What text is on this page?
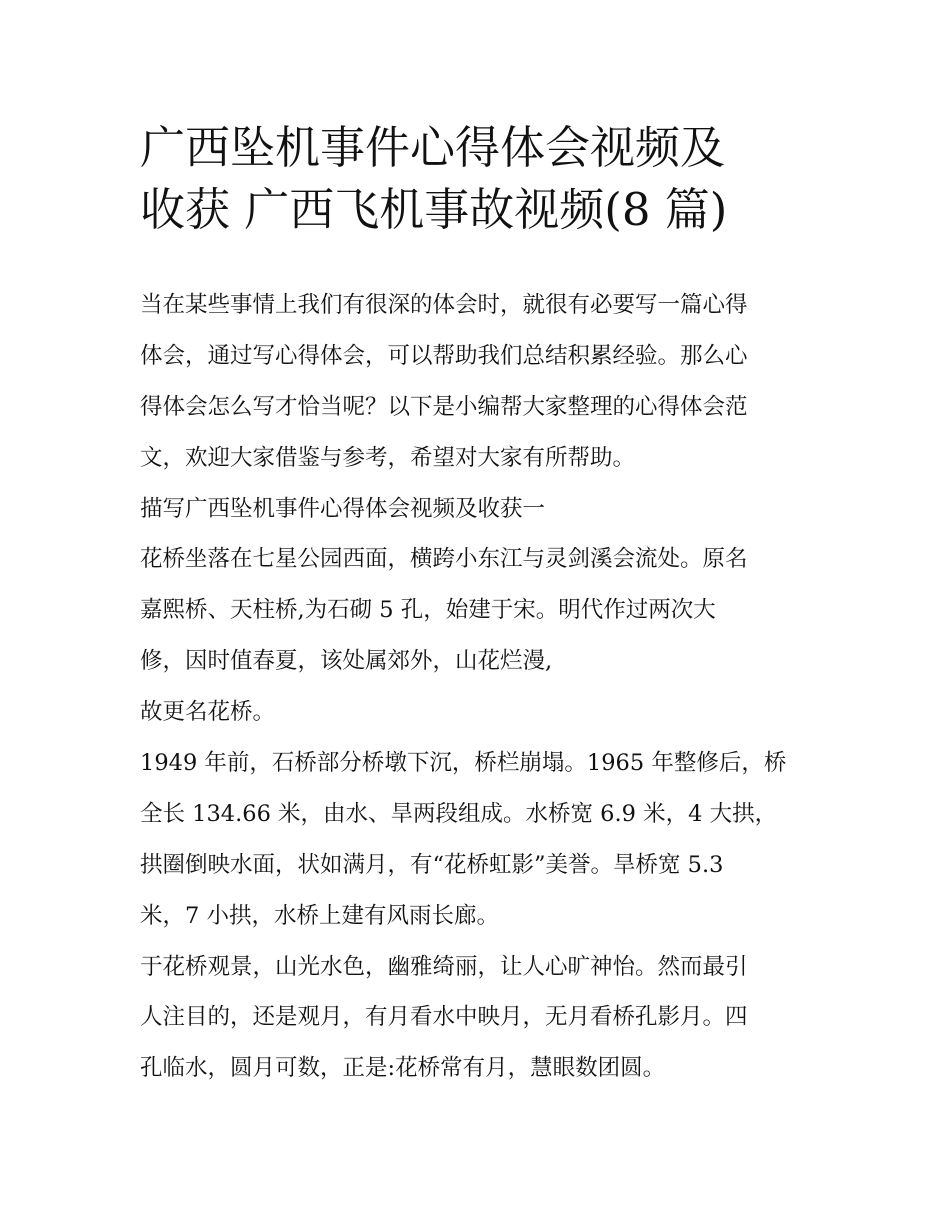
广西坠机事件心得体会视频及
收获 广西飞机事故视频(8 篇)
当在某些事情上我们有很深的体会时，就很有必要写一篇心得
体会，通过写心得体会，可以帮助我们总结积累经验。那么心
得体会怎么写才恰当呢？以下是小编帮大家整理的心得体会范
文，欢迎大家借鉴与参考，希望对大家有所帮助。
描写广西坠机事件心得体会视频及收获一
花桥坐落在七星公园西面，横跨小东江与灵剑溪会流处。原名
嘉熙桥、天柱桥,为石砌 5 孔，始建于宋。明代作过两次大
修，因时值春夏，该处属郊外，山花烂漫,
故更名花桥。
1949 年前，石桥部分桥墩下沉，桥栏崩塌。1965 年整修后，桥
全长 134.66 米，由水、旱两段组成。水桥宽 6.9 米，4 大拱，
拱圈倒映水面，状如满月，有“花桥虹影”美誉。旱桥宽 5.3
米，7 小拱，水桥上建有风雨长廊。
于花桥观景，山光水色，幽雅绮丽，让人心旷神怡。然而最引
人注目的，还是观月，有月看水中映月，无月看桥孔影月。四
孔临水，圆月可数，正是:花桥常有月，慧眼数团圆。
